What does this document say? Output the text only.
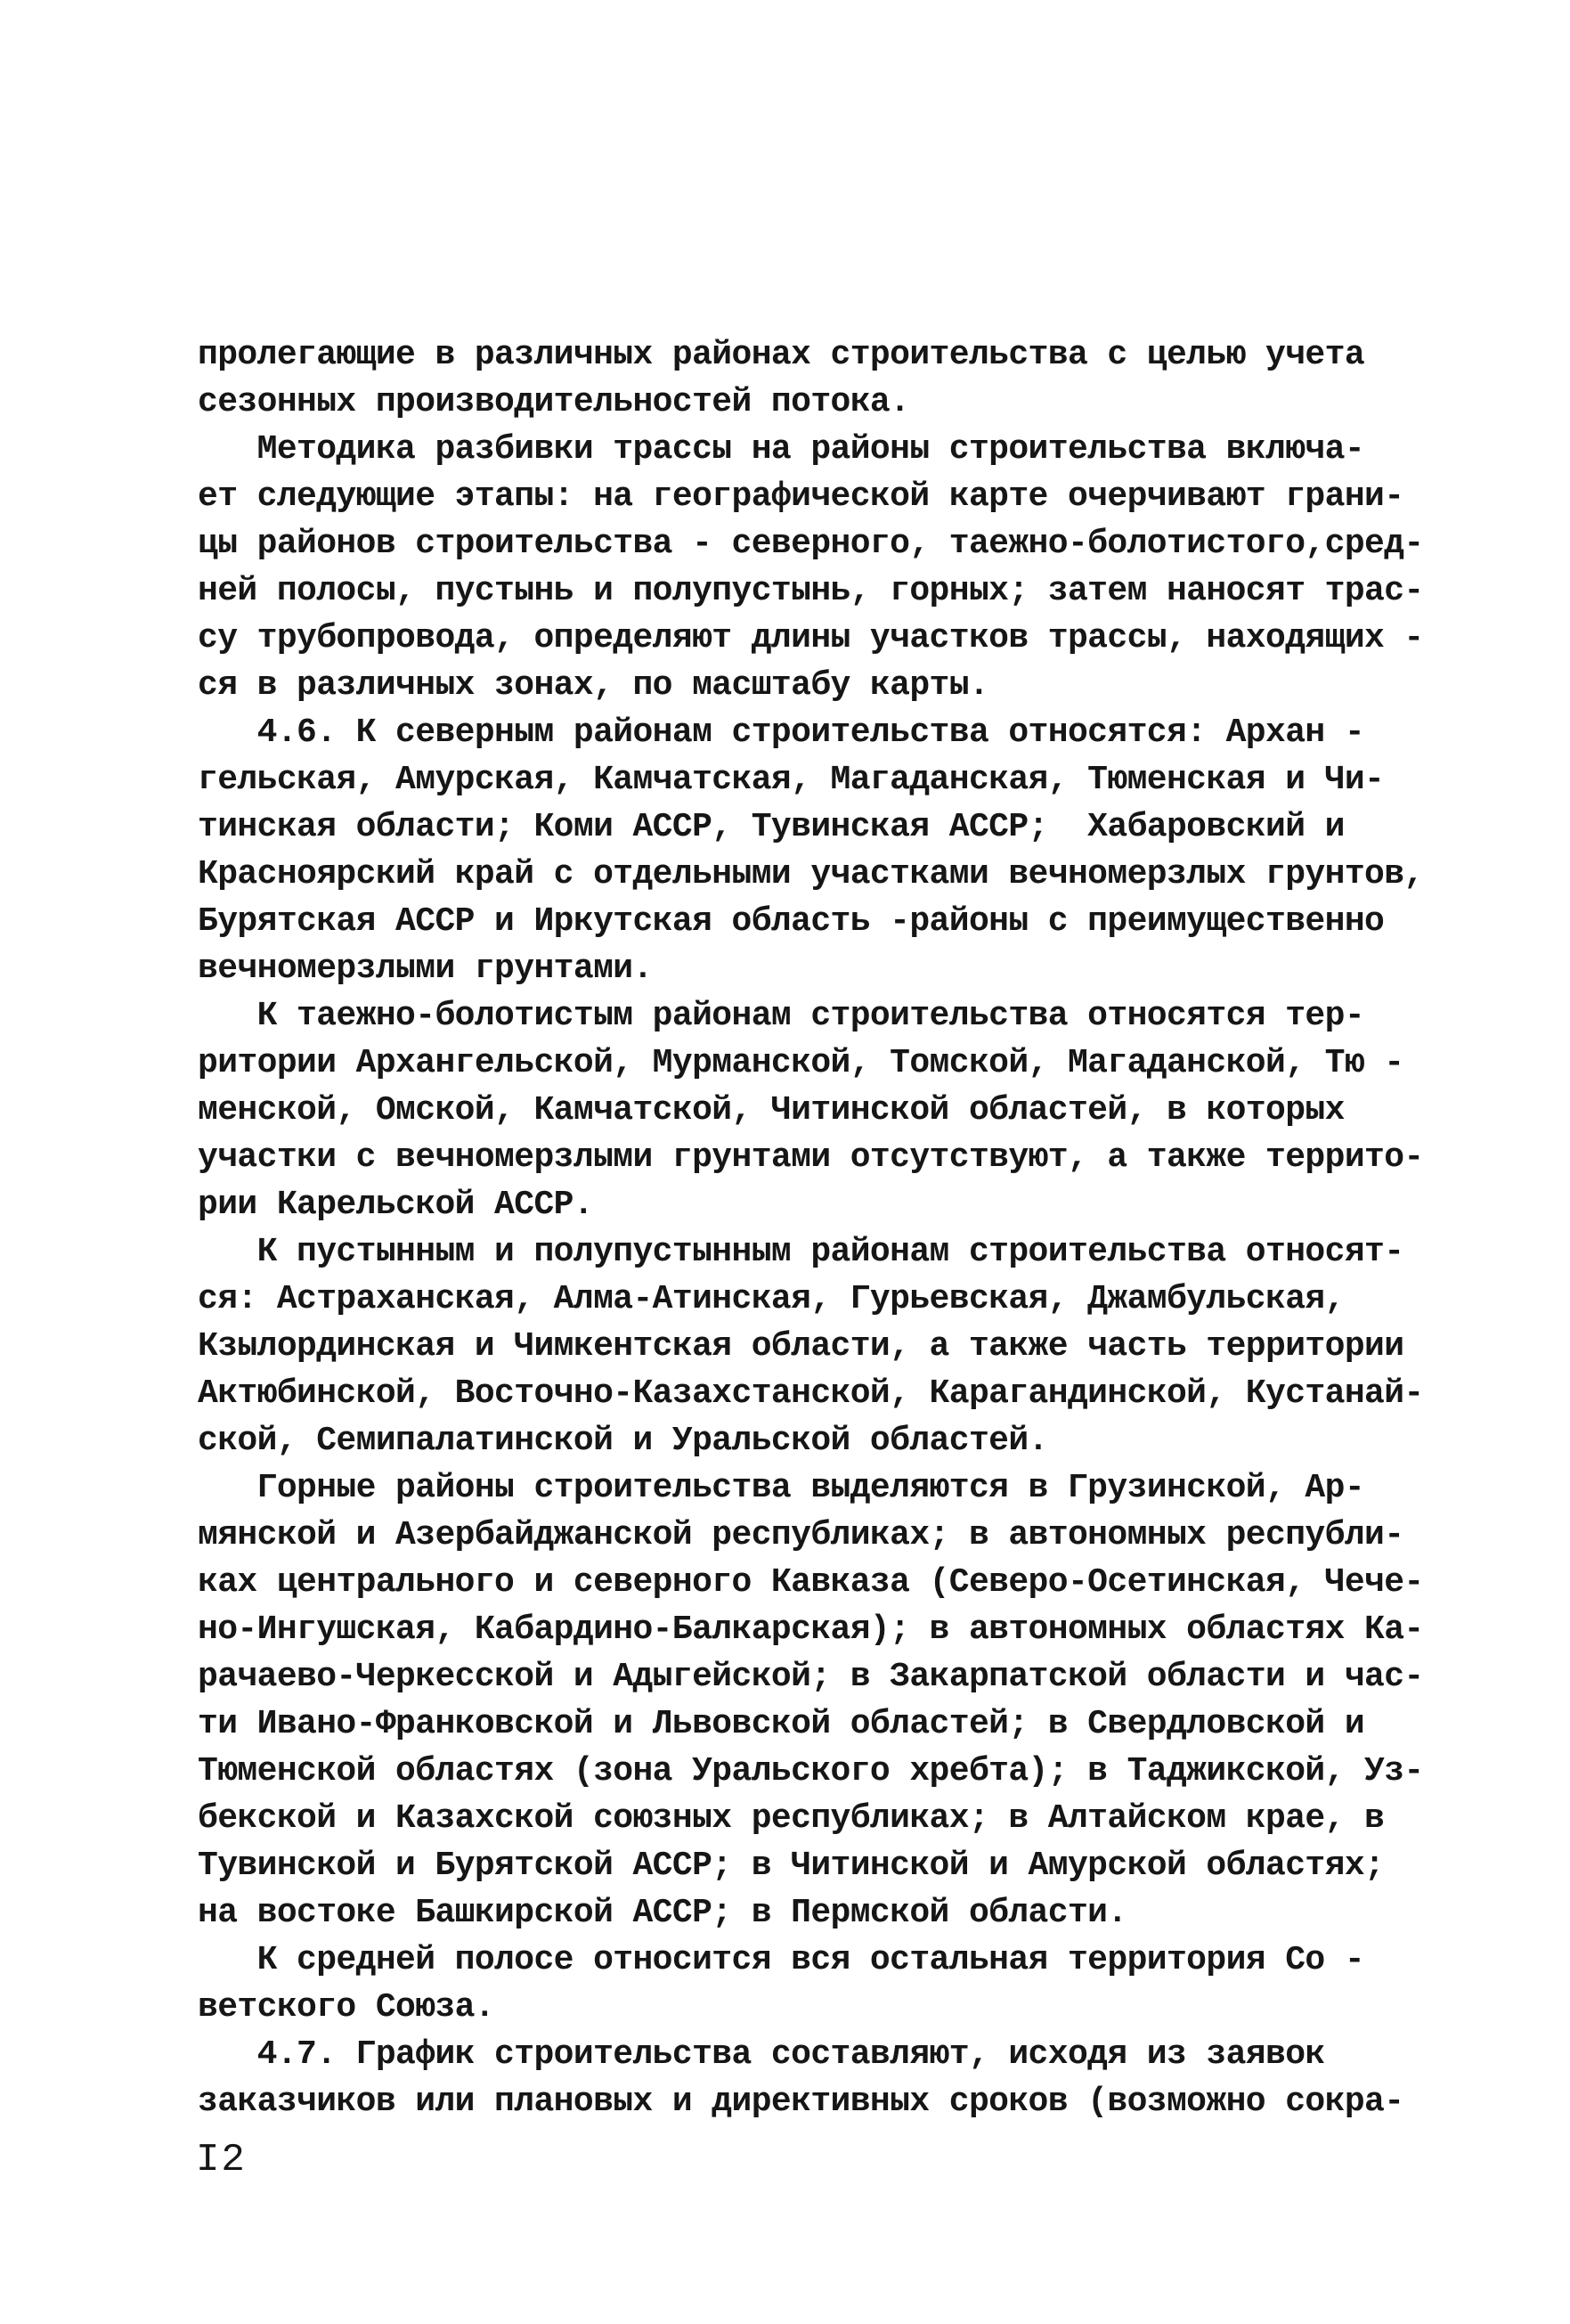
пролегающие в различных районах строительства с целью учета
сезонных производительностей потока.
Методика разбивки трассы на районы строительства включа-
ет следующие этапы: на географической карте очерчивают грани-
цы районов строительства - северного, таежно-болотистого,сред-
ней полосы, пустынь и полупустынь, горных; затем наносят трас-
су трубопровода, определяют длины участков трассы, находящих -
ся в различных зонах, по масштабу карты.
4.6. К северным районам строительства относятся: Архан -
гельская, Амурская, Камчатская, Магаданская, Тюменская и Чи-
тинская области; Коми АССР, Тувинская АССР;  Хабаровский и
Красноярский край с отдельными участками вечномерзлых грунтов,
Бурятская АССР и Иркутская область -районы с преимущественно
вечномерзлыми грунтами.
К таежно-болотистым районам строительства относятся тер-
ритории Архангельской, Мурманской, Томской, Магаданской, Тю -
менской, Омской, Камчатской, Читинской областей, в которых
участки с вечномерзлыми грунтами отсутствуют, а также террито-
рии Карельской АССР.
К пустынным и полупустынным районам строительства относят-
ся: Астраханская, Алма-Атинская, Гурьевская, Джамбульская,
Кзылординская и Чимкентская области, а также часть территории
Актюбинской, Восточно-Казахстанской, Карагандинской, Кустанай-
ской, Семипалатинской и Уральской областей.
Горные районы строительства выделяются в Грузинской, Ар-
мянской и Азербайджанской республиках; в автономных республи-
ках центрального и северного Кавказа (Северо-Осетинская, Чече-
но-Ингушская, Кабардино-Балкарская); в автономных областях Ка-
рачаево-Черкесской и Адыгейской; в Закарпатской области и час-
ти Ивано-Франковской и Львовской областей; в Свердловской и
Тюменской областях (зона Уральского хребта); в Таджикской, Уз-
бекской и Казахской союзных республиках; в Алтайском крае, в
Тувинской и Бурятской АССР; в Читинской и Амурской областях;
на востоке Башкирской АССР; в Пермской области.
К средней полосе относится вся остальная территория Со -
ветского Союза.
4.7. График строительства составляют, исходя из заявок
заказчиков или плановых и директивных сроков (возможно сокра-
I2
